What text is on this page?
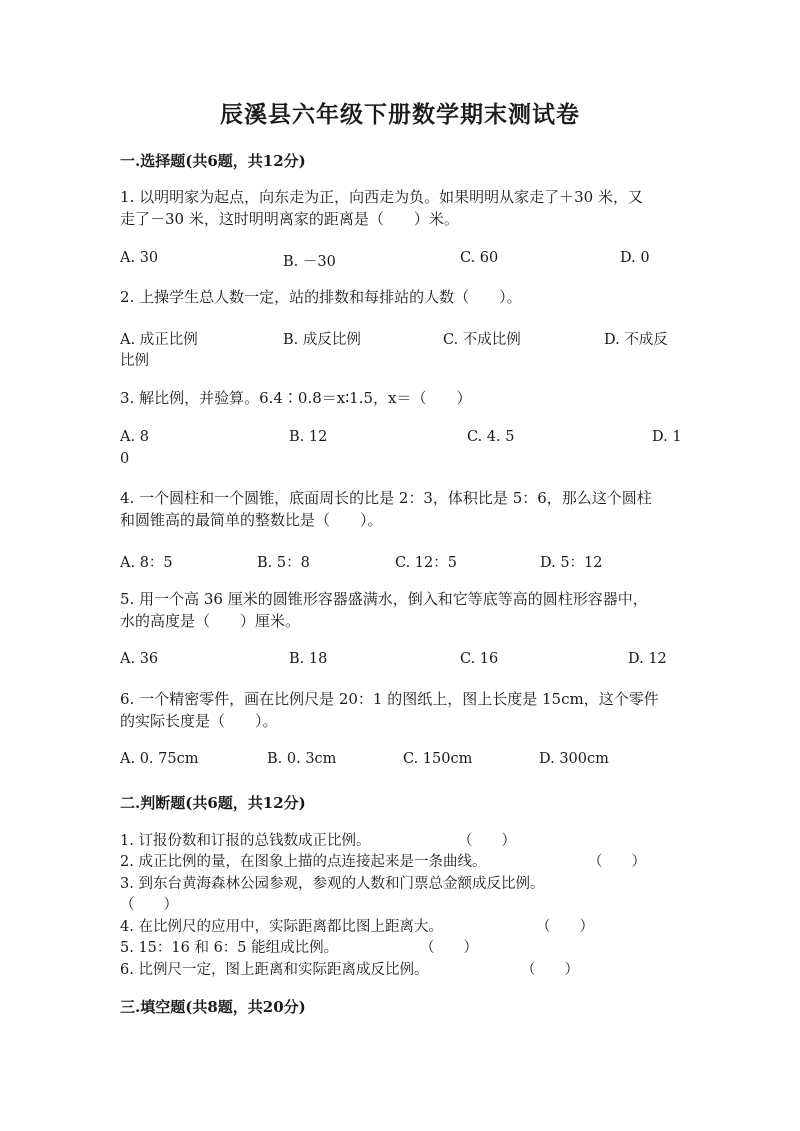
辰溪县六年级下册数学期末测试卷
一.选择题(共6题，共12分)
1. 以明明家为起点，向东走为正，向西走为负。如果明明从家走了＋30 米，又
走了－30 米，这时明明离家的距离是（　　）米。
A. 30	B. －30	C. 60	D. 0
2. 上操学生总人数一定，站的排数和每排站的人数（　　）。
A. 成正比例	B. 成反比例	C. 不成比例	D. 不成反
比例
3. 解比例，并验算。6.4∶0.8＝x∶1.5，x＝（　　）
A. 8	B. 12	C. 4. 5	D. 1
0
4. 一个圆柱和一个圆锥，底面周长的比是 2：3，体积比是 5：6，那么这个圆柱
和圆锥高的最简单的整数比是（　　）。
A. 8：5	B. 5：8	C. 12：5	D. 5：12
5. 用一个高 36 厘米的圆锥形容器盛满水，倒入和它等底等高的圆柱形容器中，
水的高度是（　　）厘米。
A. 36	B. 18	C. 16	D. 12
6. 一个精密零件，画在比例尺是 20：1 的图纸上，图上长度是 15cm，这个零件
的实际长度是（　　）。
A. 0. 75cm	B. 0. 3cm	C. 150cm	D. 300cm
二.判断题(共6题，共12分)
1. 订报份数和订报的总钱数成正比例。	（　　）
2. 成正比例的量，在图象上描的点连接起来是一条曲线。	（　　）
3. 到东台黄海森林公园参观，参观的人数和门票总金额成反比例。
（　　）
4. 在比例尺的应用中，实际距离都比图上距离大。	（　　）
5. 15：16 和 6：5 能组成比例。	（　　）
6. 比例尺一定，图上距离和实际距离成反比例。	（　　）
三.填空题(共8题，共20分)
